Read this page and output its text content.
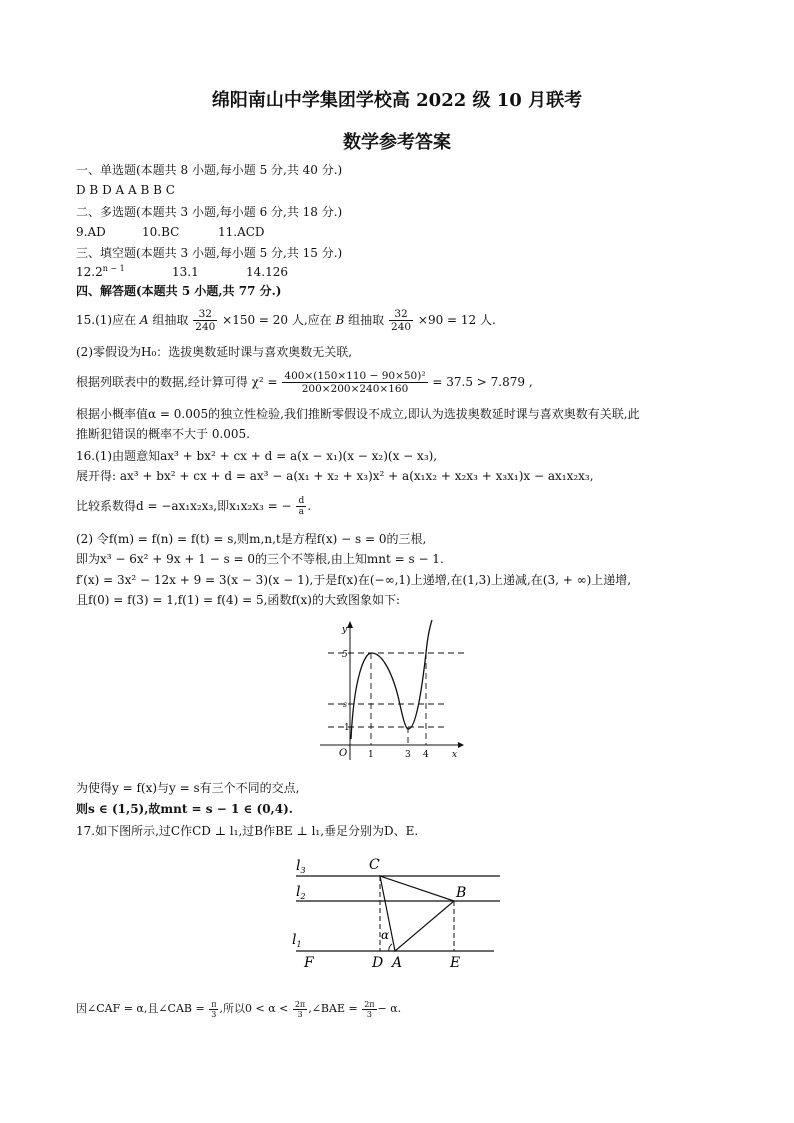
绵阳南山中学集团学校高 2022 级 10 月联考
数学参考答案
一、单选题(本题共 8 小题,每小题 5 分,共 40 分.)
D B D A A B B C
二、多选题(本题共 3 小题,每小题 6 分,共 18 分.)
9.AD	10.BC	11.ACD
三、填空题(本题共 3 小题,每小题 5 分,共 15 分.)
$12.2^{n - 1}$	13.1	14.126
四、解答题(本题共 5 小题,共 77 分.)
15.(1)应在 A 组抽取 $\frac{32}{240} \times 150 = 20$ 人,应在 B 组抽取 $\frac{32}{240} \times 90 = 12$ 人.
(2)零假设为H₀：选拔奥数延时课与喜欢奥数无关联,
根据列联表中的数据,经计算可得 $\chi^2 = \frac{\text{400×(150×110 − 90×50)²}}{200\times 200\times 240\times 160} = 37.5 > 7.879$ ,
根据小概率值α = 0.005的独立性检验,我们推断零假设不成立,即认为选拔奥数延时课与喜欢奥数有关联,此
推断犯错误的概率不大于 0.005.
16.(1)由题意知ax³ + bx² + cx + d = a(x − x₁)(x − x₂)(x − x₃),
展开得: ax³ + bx² + cx + d = ax³ − a(x₁ + x₂ + x₃)x² + a(x₁x₂ + x₂x₃ + x₃x₁)x − ax₁x₂x₃,
比较系数得d = −ax₁x₂x₃,即x₁x₂x₃ = − $\frac{d}{a}$ .
(2) 令f(m) = f(n) = f(t) = s,则m,n,t是方程f(x) − s = 0的三根,
即为x³ − 6x² + 9x + 1 − s = 0的三个不等根,由上知mnt = s − 1.
f′(x) = 3x² − 12x + 9 = 3(x − 3)(x − 1),于是f(x)在(−∞,1)上递增,在(1,3)上递减,在(3, + ∞)上递增,
且f(0) = f(3) = 1,f(1) = f(4) = 5,函数f(x)的大致图象如下:
y
x
O
5
s
1
1	3 4
为使得y = f(x)与y = s有三个不同的交点,
则s ∈ (1,5),故mnt = s − 1 ∈ (0,4).
17.如下图所示,过C作CD ⊥ l₁,过B作BE ⊥ l₁,垂足分别为D、E.
$l_3$
$l_2$
$l_1$
C
B
α
F	D A	E
因∠CAF = α,且∠CAB = $\frac{\pi}{3}$ ,所以$0 < \alpha < \frac{2\pi}{3}$ ,∠BAE = $\frac{2\pi}{3} - \alpha$.
